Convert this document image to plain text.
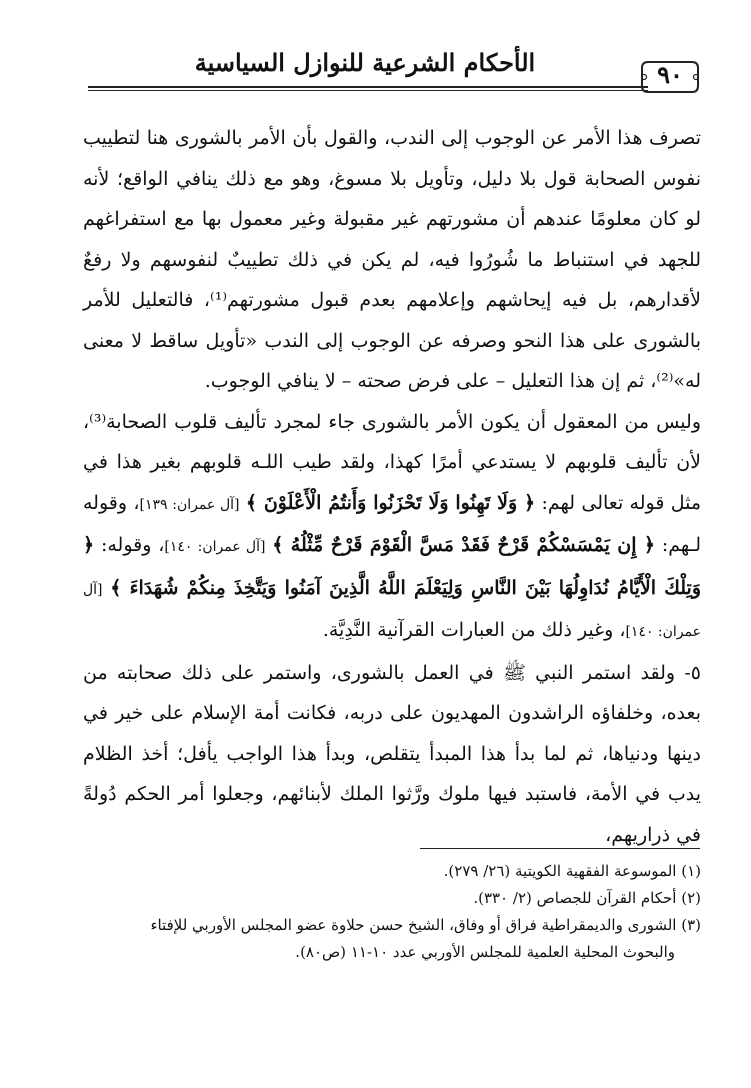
الأحكام الشرعية للنوازل السياسية	٩٠

تصرف هذا الأمر عن الوجوب إلى الندب، والقول بأن الأمر بالشورى هنا لتطييب نفوس الصحابة قول بلا دليل، وتأويل بلا مسوغ، وهو مع ذلك ينافي الواقع؛ لأنه لو كان معلومًا عندهم أن مشورتهم غير مقبولة وغير معمول بها مع استفراغهم للجهد في استنباط ما شُورُوا فيه، لم يكن في ذلك تطييبٌ لنفوسهم ولا رفعٌ لأقدارهم، بل فيه إيحاشهم وإعلامهم بعدم قبول مشورتهم⁽¹⁾، فالتعليل للأمر بالشورى على هذا النحو وصرفه عن الوجوب إلى الندب «تأويل ساقط لا معنى له»⁽²⁾، ثم إن هذا التعليل – على فرض صحته – لا ينافي الوجوب.

وليس من المعقول أن يكون الأمر بالشورى جاء لمجرد تأليف قلوب الصحابة⁽³⁾، لأن تأليف قلوبهم لا يستدعي أمرًا كهذا، ولقد طيب اللـه قلوبهم بغير هذا في مثل قوله تعالى لهم: ﴿ وَلَا تَهِنُوا وَلَا تَحْزَنُوا وَأَنتُمُ الْأَعْلَوْنَ ﴾ [آل عمران: ١٣٩]، وقوله لـهم: ﴿ إِن يَمْسَسْكُمْ قَرْحٌ فَقَدْ مَسَّ الْقَوْمَ قَرْحٌ مِّثْلُهُ ﴾ [آل عمران: ١٤٠]، وقوله: ﴿ وَتِلْكَ الْأَيَّامُ نُدَاوِلُهَا بَيْنَ النَّاسِ وَلِيَعْلَمَ اللَّهُ الَّذِينَ آمَنُوا وَيَتَّخِذَ مِنكُمْ شُهَدَاءَ ﴾ [آل عمران: ١٤٠]، وغير ذلك من العبارات القرآنية النَّدِيَّة.

٥- ولقد استمر النبي ﷺ في العمل بالشورى، واستمر على ذلك صحابته من بعده، وخلفاؤه الراشدون المهديون على دربه، فكانت أمة الإسلام على خير في دينها ودنياها، ثم لما بدأ هذا المبدأ يتقلص، وبدأ هذا الواجب يأفل؛ أخذ الظلام يدب في الأمة، فاستبد فيها ملوك ورَّثوا الملك لأبنائهم، وجعلوا أمر الحكم دُولةً في ذراريهم،

(١) الموسوعة الفقهية الكويتية (٢٦/ ٢٧٩).

(٢) أحكام القرآن للجصاص (٢/ ٣٣٠).

(٣) الشورى والديمقراطية فراق أو وفاق، الشيخ حسن حلاوة عضو المجلس الأوربي للإفتاء

والبحوث المحلية العلمية للمجلس الأوربي عدد ١٠-١١ (ص٨٠).
